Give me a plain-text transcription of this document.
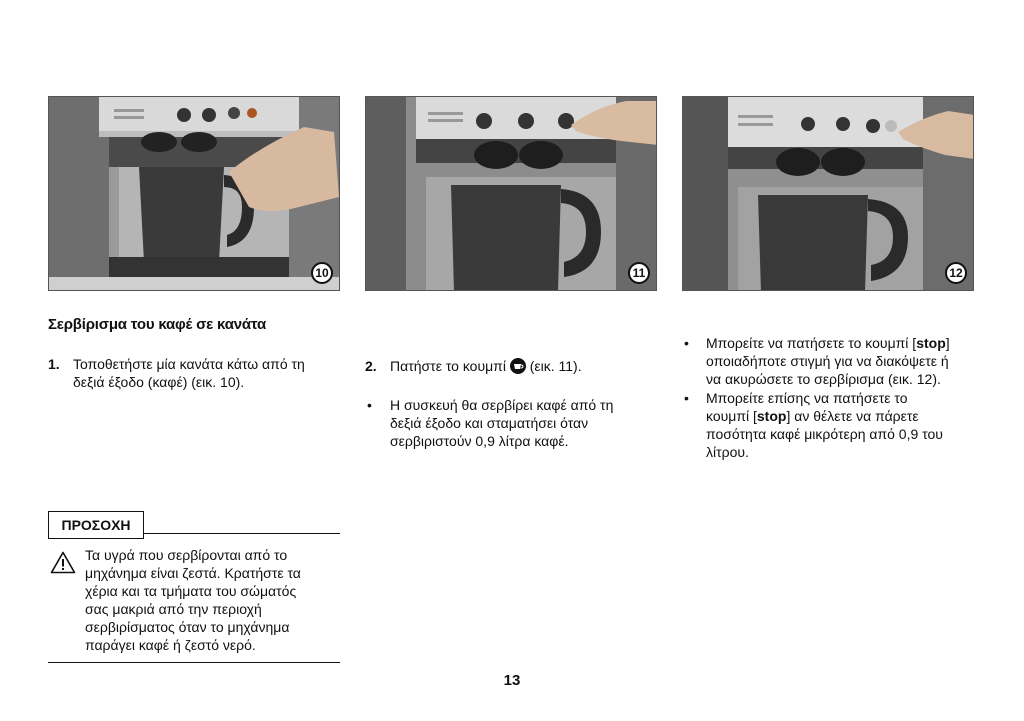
10	11	12
Σερβίρισμα του καφέ σε κανάτα
1. Τοποθετήστε μία κανάτα κάτω από τη
δεξιά έξοδο (καφέ) (εικ. 10).
2. Πατήστε το κουμπί (εικ. 11).
• Η συσκευή θα σερβίρει καφέ από τη
δεξιά έξοδο και σταματήσει όταν
σερβιριστούν 0,9 λίτρα καφέ.
• Μπορείτε να πατήσετε το κουμπί [stop]
οποιαδήποτε στιγμή για να διακόψετε ή
να ακυρώσετε το σερβίρισμα (εικ. 12).
• Μπορείτε επίσης να πατήσετε το
κουμπί [stop] αν θέλετε να πάρετε
ποσότητα καφέ μικρότερη από 0,9 του
λίτρου.
ΠΡΟΣΟΧΗ
Τα υγρά που σερβίρονται από το
μηχάνημα είναι ζεστά. Κρατήστε τα
χέρια και τα τμήματα του σώματός
σας μακριά από την περιοχή
σερβιρίσματος όταν το μηχάνημα
παράγει καφέ ή ζεστό νερό.
13
